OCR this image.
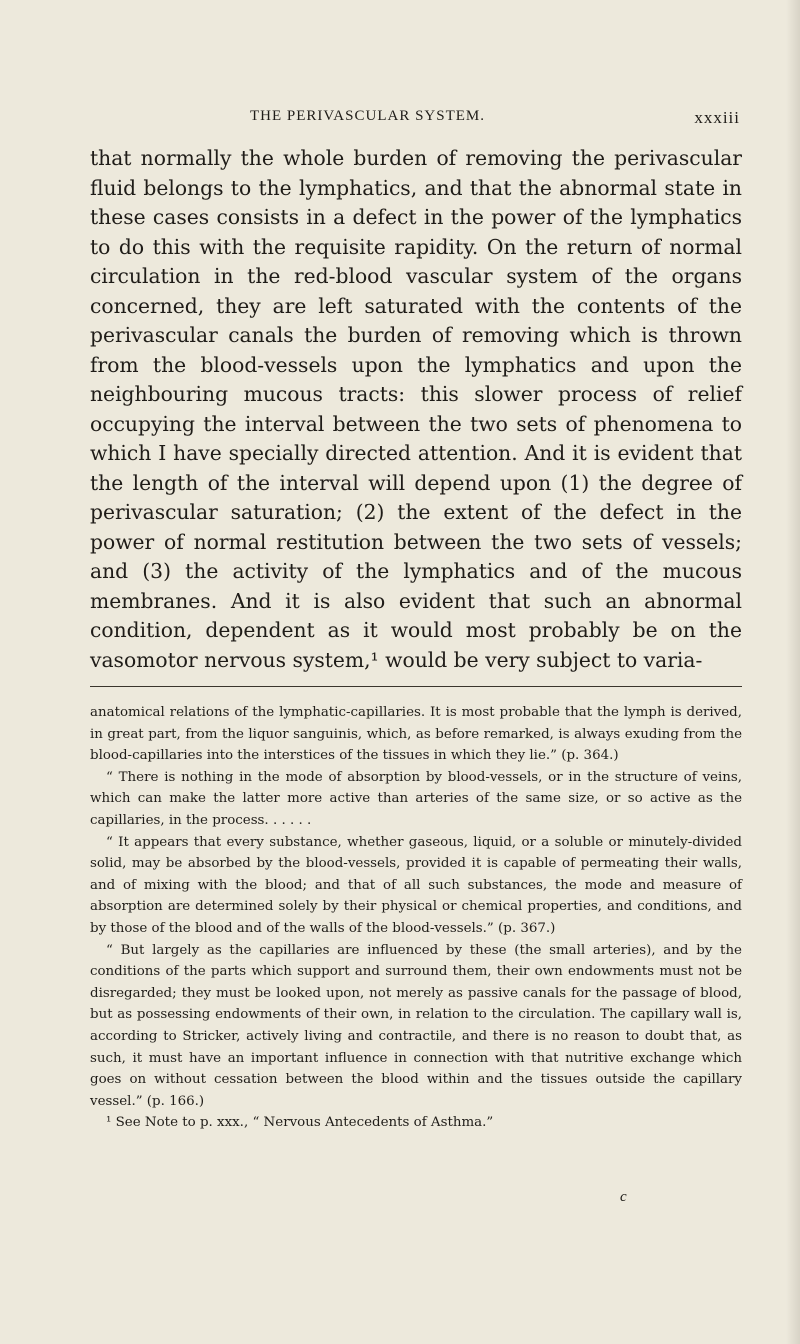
THE PERIVASCULAR SYSTEM.	xxxiii

that normally the whole burden of removing the perivascular fluid belongs to the lymphatics, and that the abnormal state in these cases consists in a defect in the power of the lymphatics to do this with the requisite rapidity. On the return of normal circulation in the red-blood vascular system of the organs concerned, they are left saturated with the contents of the perivascular canals the burden of removing which is thrown from the blood-vessels upon the lymphatics and upon the neighbouring mucous tracts: this slower process of relief occupying the interval between the two sets of phenomena to which I have specially directed attention. And it is evident that the length of the interval will depend upon (1) the degree of perivascular saturation; (2) the extent of the defect in the power of normal restitution between the two sets of vessels; and (3) the activity of the lymphatics and of the mucous membranes. And it is also evident that such an abnormal condition, dependent as it would most probably be on the vasomotor nervous system,¹ would be very subject to varia-

anatomical relations of the lymphatic-capillaries. It is most probable that the lymph is derived, in great part, from the liquor sanguinis, which, as before remarked, is always exuding from the blood-capillaries into the interstices of the tissues in which they lie.” (p. 364.)

“ There is nothing in the mode of absorption by blood-vessels, or in the structure of veins, which can make the latter more active than arteries of the same size, or so active as the capillaries, in the process. . . . . .

“ It appears that every substance, whether gaseous, liquid, or a soluble or minutely-divided solid, may be absorbed by the blood-vessels, provided it is capable of permeating their walls, and of mixing with the blood; and that of all such substances, the mode and measure of absorption are determined solely by their physical or chemical properties, and conditions, and by those of the blood and of the walls of the blood-vessels.” (p. 367.)

“ But largely as the capillaries are influenced by these (the small arteries), and by the conditions of the parts which support and surround them, their own endowments must not be disregarded; they must be looked upon, not merely as passive canals for the passage of blood, but as possessing endowments of their own, in relation to the circulation. The capillary wall is, according to Stricker, actively living and contractile, and there is no reason to doubt that, as such, it must have an important influence in connection with that nutritive exchange which goes on without cessation between the blood within and the tissues outside the capillary vessel.” (p. 166.)

¹ See Note to p. xxx., “ Nervous Antecedents of Asthma.”

c
